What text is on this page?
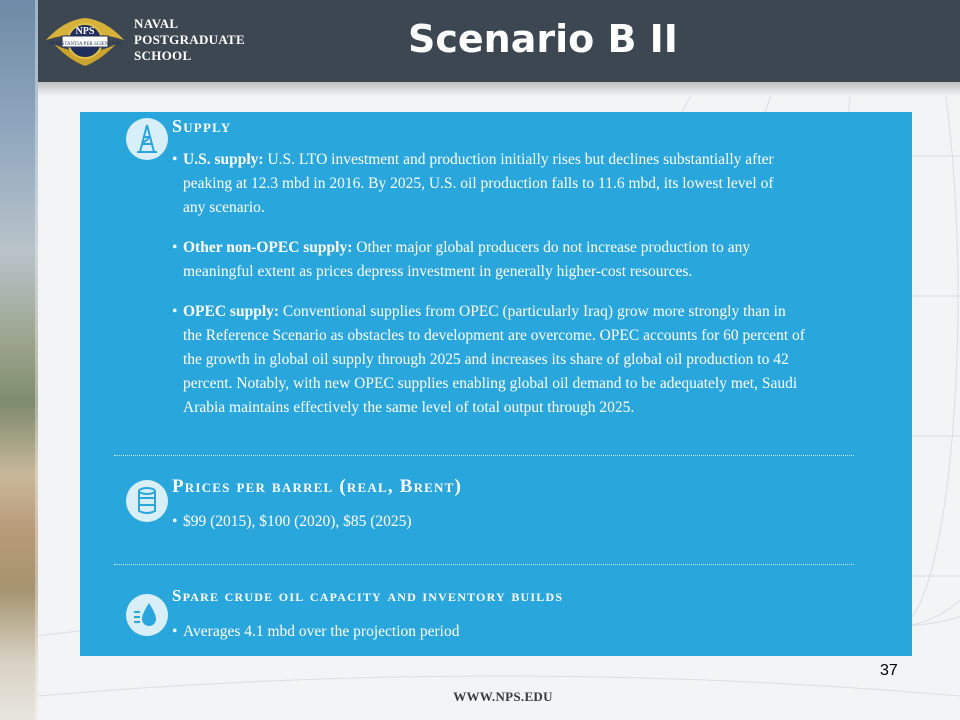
PRAESTANTIA PER SCIENTIAM
NPS
NAVAL
POSTGRADUATE
SCHOOL	Scenario B II
Supply
• U.S. supply: U.S. LTO investment and production initially rises but declines substantially after
peaking at 12.3 mbd in 2016. By 2025, U.S. oil production falls to 11.6 mbd, its lowest level of
any scenario.
• Other non-OPEC supply: Other major global producers do not increase production to any
meaningful extent as prices depress investment in generally higher-cost resources.
• OPEC supply: Conventional supplies from OPEC (particularly Iraq) grow more strongly than in
the Reference Scenario as obstacles to development are overcome. OPEC accounts for 60 percent of
the growth in global oil supply through 2025 and increases its share of global oil production to 42
percent. Notably, with new OPEC supplies enabling global oil demand to be adequately met, Saudi
Arabia maintains effectively the same level of total output through 2025.
Prices per barrel (real, Brent)
• $99 (2015), $100 (2020), $85 (2025)
Spare crude oil capacity and inventory builds
• Averages 4.1 mbd over the projection period
37
WWW.NPS.EDU
